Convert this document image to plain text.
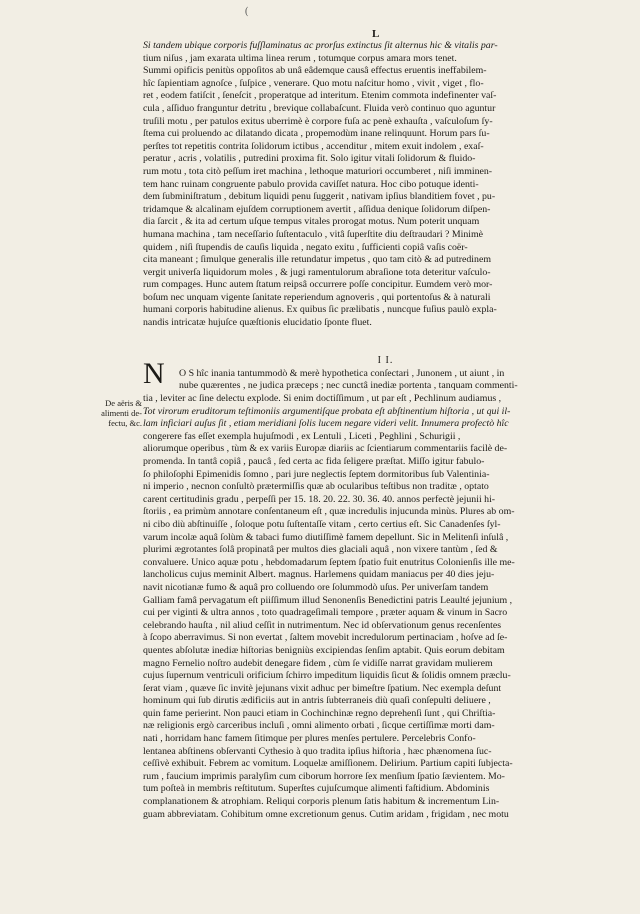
(
L
N
De aëris &
alimenti de-
fectu, &c.
Si tandem ubique corporis fuſſlaminatus ac prorſus extinctus ſit alternus hic & vitalis par-
tium niſus , jam exarata ultima linea rerum , totumque corpus amara mors tenet.
Summi opificis penitùs oppoſitos ab unâ eâdemque causâ effectus eruentis ineffabilem-
hîc ſapientiam agnoſce , ſuſpice , venerare. Quo motu naſcitur homo , vivit , viget , flo-
ret , eodem fatiſcit , ſeneſcit , properatque ad interitum. Etenim commota indefinenter vaſ-
cula , aſſiduo franguntur detritu , brevique collabaſcunt. Fluida verò continuo quo aguntur
truſili motu , per patulos exitus uberrimè è corpore fuſa ac penè exhauſta , vaſculoſum ſy-
ſtema cui proluendo ac dilatando dicata , propemodùm inane relinquunt. Horum pars ſu-
perſtes tot repetitis contrita ſolidorum ictibus , accenditur , mitem exuit indolem , exaſ-
peratur , acris , volatilis , putredini proxima fit. Solo igitur vitali ſolidorum & fluido-
rum motu , tota citò peſſum iret machina , lethoque maturiori occumberet , niſi imminen-
tem hanc ruinam congruente pabulo provida caviſſet natura. Hoc cibo potuque identi-
dem ſubminiſtratum , debitum liquidi penu ſuggerit , nativam ipſius blanditiem fovet , pu-
tridamque & alcalinam ejuſdem corruptionem avertit , aſſidua denique ſolidorum diſpen-
dia ſarcit , & ita ad certum uſque tempus vitales prorogat motus. Num poterit unquam
humana machina , tam neceſſario ſuſtentaculo , vitâ ſuperſtite diu deſtraudari ? Minimè
quidem , niſi ſtupendis de cauſis liquida , negato exitu , ſufficienti copiâ vaſis coër-
cita maneant ; ſimulque generalis ille retundatur impetus , quo tam citò & ad putredinem
vergit univerſa liquidorum moles , & jugi ramentulorum abraſione tota deteritur vaſculo-
rum compages. Hunc autem ſtatum reipsâ occurrere poſſe concipitur. Eumdem verò mor-
boſum nec unquam vigente ſanitate reperiendum agnoveris , qui portentoſus & à naturali
humani corporis habitudine alienus. Ex quibus ſic prælibatis , nuncque fuſius paulò expla-
nandis intricatæ hujuſce quæſtionis elucidatio ſponte fluet.
I I.
O S hîc inania tantummodò & merè hypothetica conſectari , Junonem , ut aiunt , in
nube quærentes , ne judica præceps ; nec cunctâ inediæ portenta , tanquam commenti-
tia , leviter ac ſine delectu explode. Si enim doctiſſimum , ut par eſt , Pechlinum audiamus ,
Tot virorum eruditorum teſtimoniis argumentiſque probata eſt abſtinentium hiſtoria , ut qui il-
lam inficiari auſus ſit , etiam meridiani ſolis lucem negare videri velit. Innumera profectò hîc
congerere fas eſſet exempla hujuſmodi , ex Lentuli , Liceti , Peghlini , Schurigii ,
aliorumque operibus , tùm & ex variis Europæ diariis ac ſcientiarum commentariis facilè de-
promenda. In tantâ copiâ , paucâ , ſed certa ac fida ſeligere præſtat. Miſſo igitur fabulo-
ſo philoſophi Epimenidis ſomno , pari jure neglectis ſeptem dormitoribus ſub Valentinia-
ni imperio , necnon conſultò prætermiſſis quæ ab ocularibus teſtibus non traditæ , optato
carent certitudinis gradu , perpeſſi per 15. 18. 20. 22. 30. 36. 40. annos perfectè jejunii hi-
ſtoriis , ea primùm annotare conſentaneum eſt , quæ incredulis injucunda minùs. Plures ab om-
ni cibo diù abſtinuiſſe , ſoloque potu ſuſtentaſſe vitam , certo certius eſt. Sic Canadenſes ſyl-
varum incolæ aquâ ſolùm & tabaci fumo diutiſſimè famem depellunt. Sic in Melitenſi inſulâ ,
plurimi ægrotantes ſolâ propinatâ per multos dies glaciali aquâ , non vixere tantùm , ſed &
convaluere. Unico aquæ potu , hebdomadarum ſeptem ſpatio fuit enutritus Colonienſis ille me-
lancholicus cujus meminit Albert. magnus. Harlemens quidam maniacus per 40 dies jeju-
navit nicotianæ fumo & aquâ pro colluendo ore ſolummodò uſus. Per univerſam tandem
Galliam famâ pervagatum eſt piiſſimum illud Senonenſis Benedictini patris Leaulté jejunium ,
cui per viginti & ultra annos , toto quadrageſimali tempore , præter aquam & vinum in Sacro
celebrando hauſta , nil aliud ceſſit in nutrimentum. Nec id obſervationum genus recenſentes
à ſcopo aberravimus. Si non evertat , ſaltem movebit incredulorum pertinaciam , hoſve ad ſe-
quentes abſolutæ inediæ hiſtorias benigniùs excipiendas ſenſim aptabit. Quis eorum debitam
magno Fernelio noſtro audebit denegare fidem , cùm ſe vidiſſe narrat gravidam mulierem
cujus ſupernum ventriculi orificium ſchirro impeditum liquidis ſicut & ſolidis omnem præclu-
ſerat viam , quæve ſic invitè jejunans vixit adhuc per bimeſtre ſpatium. Nec exempla deſunt
hominum qui ſub dirutis ædificiis aut in antris ſubterraneis diù quaſi conſepulti deliuere ,
quin fame perierint. Non pauci etiam in Cochinchinæ regno deprehenſi ſunt , qui Chriſtia-
næ religionis ergò carceribus incluſi , omni alimento orbati , ſicque certiſſimæ morti dam-
nati , horridam hanc famem ſitimque per plures menſes pertulere. Percelebris Confo-
lentanea abſtinens obſervanti Cythesio à quo tradita ipſius hiſtoria , hæc phænomena ſuc-
ceſſivè exhibuit. Febrem ac vomitum. Loquelæ amiſſionem. Delirium. Partium capiti ſubjecta-
rum , faucium imprimis paralyſim cum ciborum horrore ſex menſium ſpatio ſævientem. Mo-
tum poſteà in membris reſtitutum. Superſtes cujuſcumque alimenti faſtidium. Abdominis
complanationem & atrophiam. Reliqui corporis plenum ſatis habitum & incrementum Lin-
guam abbreviatam. Cohibitum omne excretionum genus. Cutim aridam , frigidam , nec motu
